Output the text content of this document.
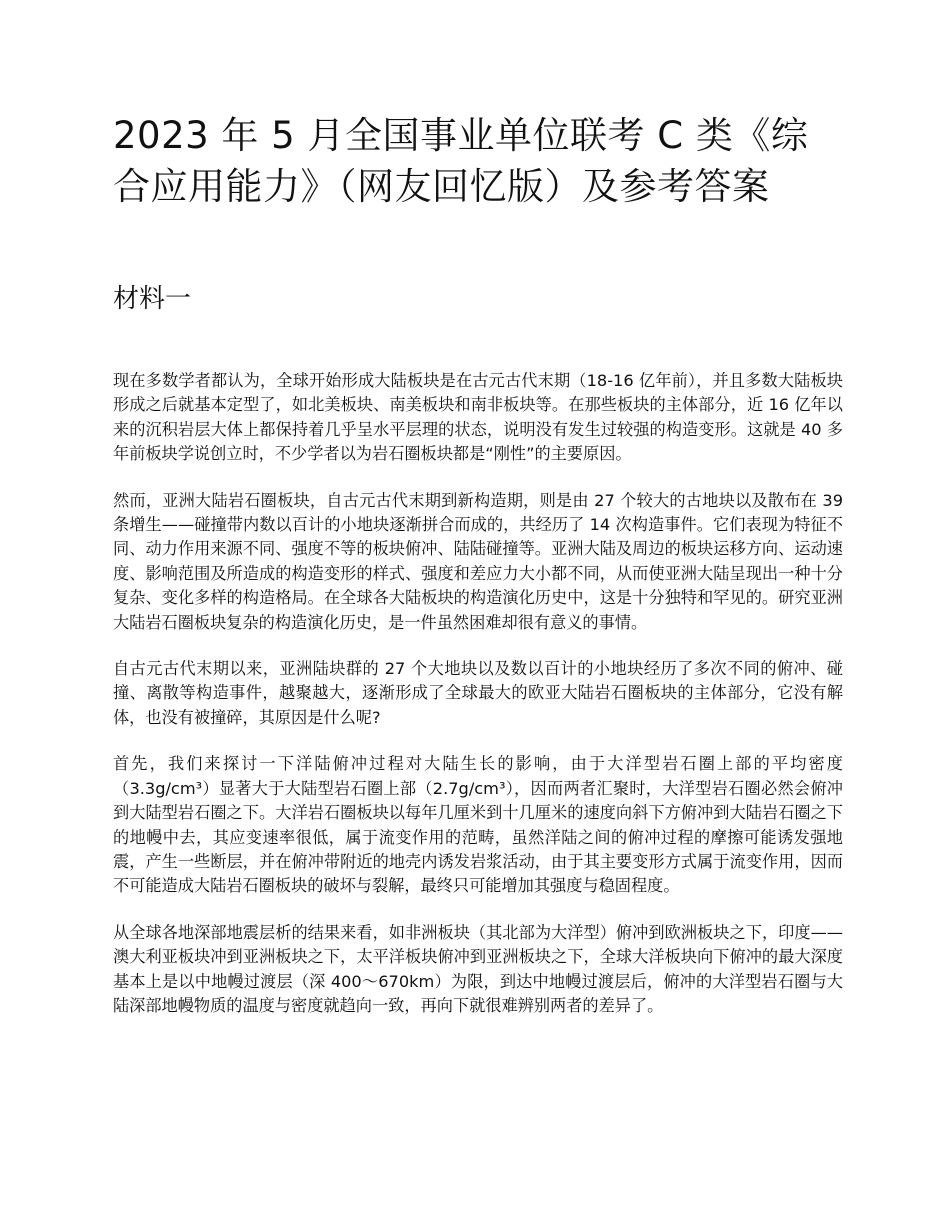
2023 年 5 月全国事业单位联考 C 类《综合应用能力》（网友回忆版）及参考答案
材料一

现在多数学者都认为，全球开始形成大陆板块是在古元古代末期（18-16 亿年前），并且多数大陆板块形成之后就基本定型了，如北美板块、南美板块和南非板块等。在那些板块的主体部分，近 16 亿年以来的沉积岩层大体上都保持着几乎呈水平层理的状态，说明没有发生过较强的构造变形。这就是 40 多年前板块学说创立时，不少学者以为岩石圈板块都是“刚性”的主要原因。

然而，亚洲大陆岩石圈板块，自古元古代末期到新构造期，则是由 27 个较大的古地块以及散布在 39 条增生——碰撞带内数以百计的小地块逐渐拼合而成的，共经历了 14 次构造事件。它们表现为特征不同、动力作用来源不同、强度不等的板块俯冲、陆陆碰撞等。亚洲大陆及周边的板块运移方向、运动速度、影响范围及所造成的构造变形的样式、强度和差应力大小都不同，从而使亚洲大陆呈现出一种十分复杂、变化多样的构造格局。在全球各大陆板块的构造演化历史中，这是十分独特和罕见的。研究亚洲大陆岩石圈板块复杂的构造演化历史，是一件虽然困难却很有意义的事情。

自古元古代末期以来，亚洲陆块群的 27 个大地块以及数以百计的小地块经历了多次不同的俯冲、碰撞、离散等构造事件，越聚越大，逐渐形成了全球最大的欧亚大陆岩石圈板块的主体部分，它没有解体，也没有被撞碎，其原因是什么呢?

首先，我们来探讨一下洋陆俯冲过程对大陆生长的影响，由于大洋型岩石圈上部的平均密度（3.3g/cm³）显著大于大陆型岩石圈上部（2.7g/cm³），因而两者汇聚时，大洋型岩石圈必然会俯冲到大陆型岩石圈之下。大洋岩石圈板块以每年几厘米到十几厘米的速度向斜下方俯冲到大陆岩石圈之下的地幔中去，其应变速率很低，属于流变作用的范畴，虽然洋陆之间的俯冲过程的摩擦可能诱发强地震，产生一些断层，并在俯冲带附近的地壳内诱发岩浆活动，由于其主要变形方式属于流变作用，因而不可能造成大陆岩石圈板块的破坏与裂解，最终只可能增加其强度与稳固程度。

从全球各地深部地震层析的结果来看，如非洲板块（其北部为大洋型）俯冲到欧洲板块之下，印度——澳大利亚板块冲到亚洲板块之下，太平洋板块俯冲到亚洲板块之下，全球大洋板块向下俯冲的最大深度基本上是以中地幔过渡层（深 400～670km）为限，到达中地幔过渡层后，俯冲的大洋型岩石圈与大陆深部地幔物质的温度与密度就趋向一致，再向下就很难辨别两者的差异了。
